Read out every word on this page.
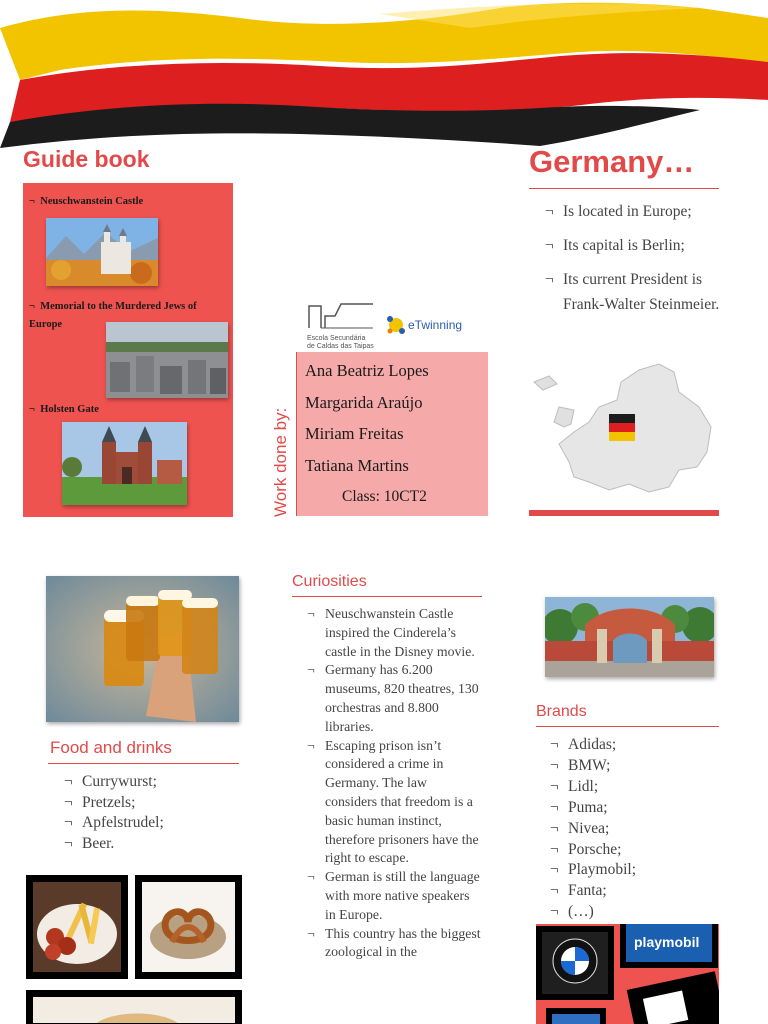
Guide book
¬  Neuschwanstein Castle
¬  Memorial to the Murdered Jews of Europe
¬  Holsten Gate
Germany…
¬ Is located in Europe;
¬ Its capital is Berlin;
¬ Its current President is Frank-Walter Steinmeier.
Escola Secundária
de Caldas das Taipas
eTwinning
Work done by:
Ana Beatriz Lopes
Margarida Araújo
Miriam Freitas
Tatiana Martins
Class: 10CT2
Food and drinks
¬ Currywurst;
¬ Pretzels;
¬ Apfelstrudel;
¬ Beer.
Curiosities
¬ Neuschwanstein Castle inspired the Cinderela’s castle in the Disney movie.
¬ Germany has 6.200 museums, 820 theatres, 130 orchestras and 8.800 libraries.
¬ Escaping prison isn’t considered a crime in Germany. The law considers that freedom is a basic human instinct, therefore prisoners have the right to escape.
¬ German is still the language with more native speakers in Europe.
¬ This country has the biggest zoological in the
Brands
¬ Adidas;
¬ BMW;
¬ Lidl;
¬ Puma;
¬ Nivea;
¬ Porsche;
¬ Playmobil;
¬ Fanta;
¬ (…)
playmobil
